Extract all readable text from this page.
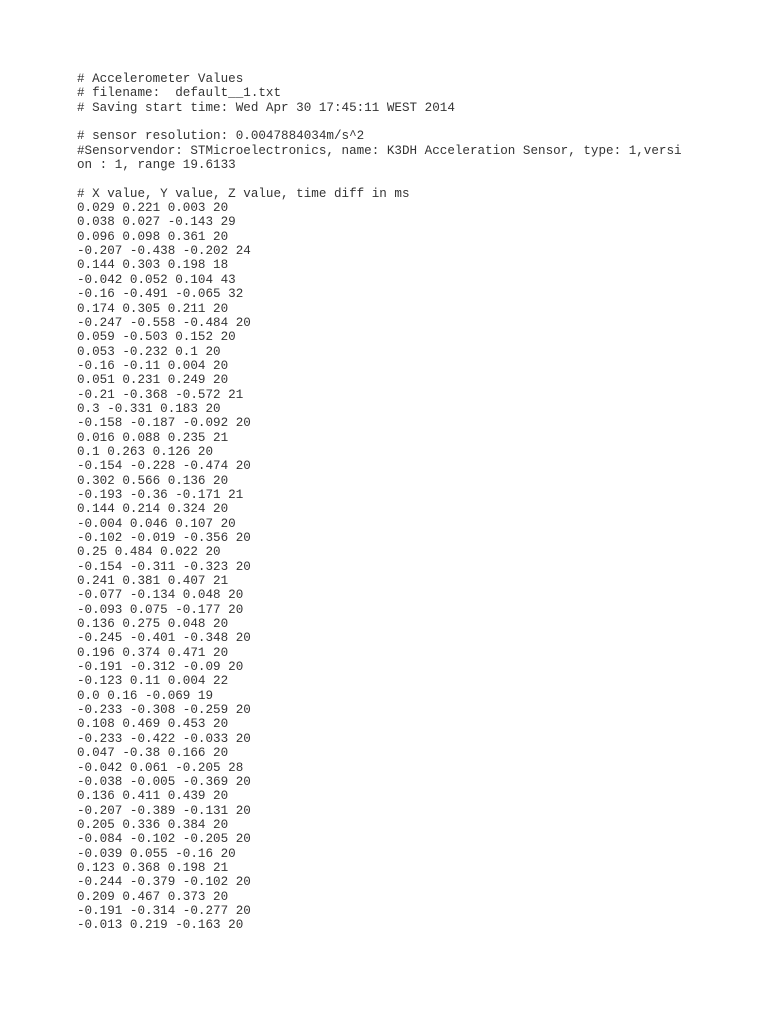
# Accelerometer Values
# filename:  default__1.txt
# Saving start time: Wed Apr 30 17:45:11 WEST 2014
# sensor resolution: 0.0047884034m/s^2
#Sensorvendor: STMicroelectronics, name: K3DH Acceleration Sensor, type: 1,versi
on : 1, range 19.6133
# X value, Y value, Z value, time diff in ms
0.029 0.221 0.003 20
0.038 0.027 -0.143 29
0.096 0.098 0.361 20
-0.207 -0.438 -0.202 24
0.144 0.303 0.198 18
-0.042 0.052 0.104 43
-0.16 -0.491 -0.065 32
0.174 0.305 0.211 20
-0.247 -0.558 -0.484 20
0.059 -0.503 0.152 20
0.053 -0.232 0.1 20
-0.16 -0.11 0.004 20
0.051 0.231 0.249 20
-0.21 -0.368 -0.572 21
0.3 -0.331 0.183 20
-0.158 -0.187 -0.092 20
0.016 0.088 0.235 21
0.1 0.263 0.126 20
-0.154 -0.228 -0.474 20
0.302 0.566 0.136 20
-0.193 -0.36 -0.171 21
0.144 0.214 0.324 20
-0.004 0.046 0.107 20
-0.102 -0.019 -0.356 20
0.25 0.484 0.022 20
-0.154 -0.311 -0.323 20
0.241 0.381 0.407 21
-0.077 -0.134 0.048 20
-0.093 0.075 -0.177 20
0.136 0.275 0.048 20
-0.245 -0.401 -0.348 20
0.196 0.374 0.471 20
-0.191 -0.312 -0.09 20
-0.123 0.11 0.004 22
0.0 0.16 -0.069 19
-0.233 -0.308 -0.259 20
0.108 0.469 0.453 20
-0.233 -0.422 -0.033 20
0.047 -0.38 0.166 20
-0.042 0.061 -0.205 28
-0.038 -0.005 -0.369 20
0.136 0.411 0.439 20
-0.207 -0.389 -0.131 20
0.205 0.336 0.384 20
-0.084 -0.102 -0.205 20
-0.039 0.055 -0.16 20
0.123 0.368 0.198 21
-0.244 -0.379 -0.102 20
0.209 0.467 0.373 20
-0.191 -0.314 -0.277 20
-0.013 0.219 -0.163 20
